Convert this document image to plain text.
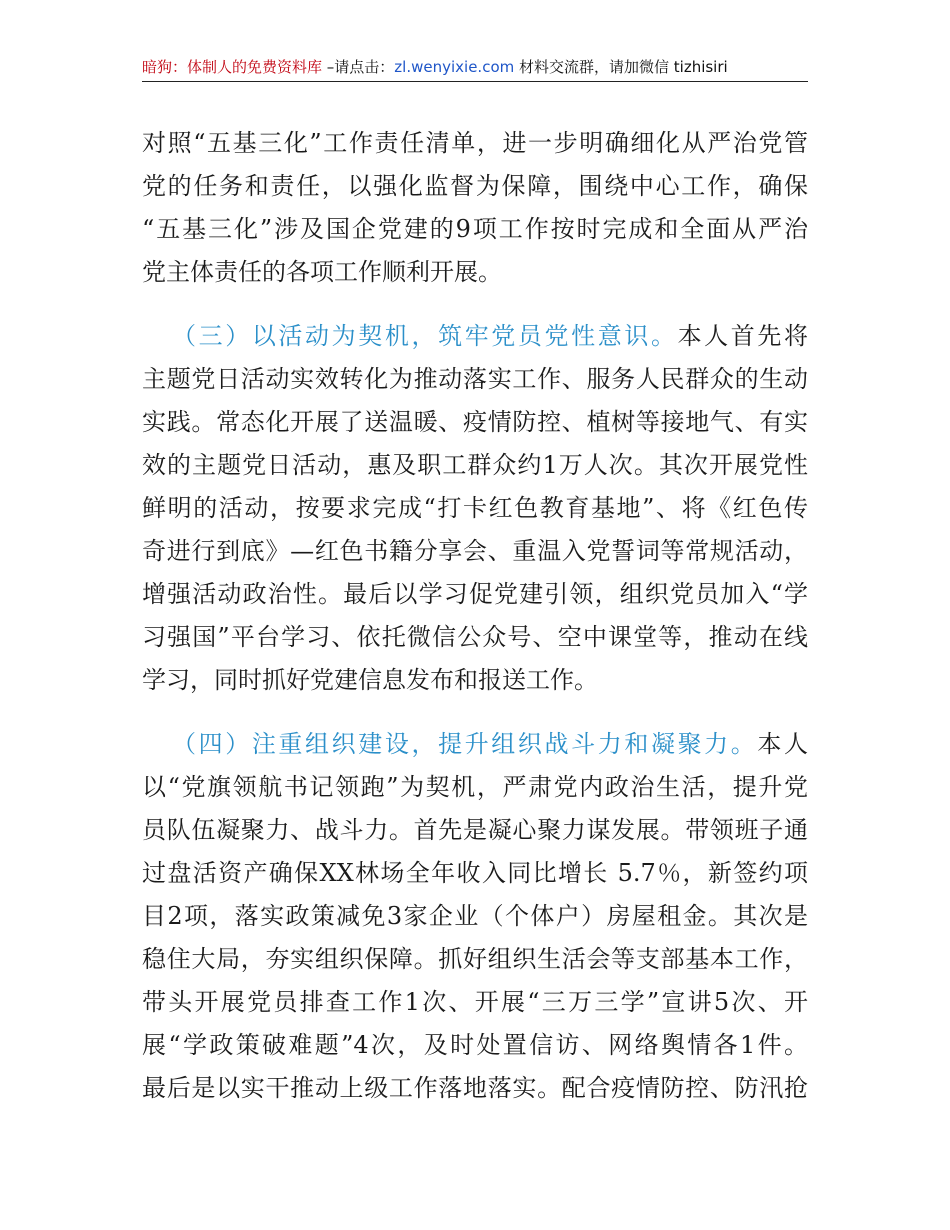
暗狗：体制人的免费资料库 –请点击：zl.wenyixie.com 材料交流群，请加微信 tizhisiri
对照“五基三化”工作责任清单，进一步明确细化从严治党管
党的任务和责任，以强化监督为保障，围绕中心工作，确保
“五基三化”涉及国企党建的9项工作按时完成和全面从严治
党主体责任的各项工作顺利开展。
（三）以活动为契机，筑牢党员党性意识。本人首先将
主题党日活动实效转化为推动落实工作、服务人民群众的生动
实践。常态化开展了送温暖、疫情防控、植树等接地气、有实
效的主题党日活动，惠及职工群众约1万人次。其次开展党性
鲜明的活动，按要求完成“打卡红色教育基地”、将《红色传
奇进行到底》—红色书籍分享会、重温入党誓词等常规活动，
增强活动政治性。最后以学习促党建引领，组织党员加入“学
习强国”平台学习、依托微信公众号、空中课堂等，推动在线
学习，同时抓好党建信息发布和报送工作。
（四）注重组织建设，提升组织战斗力和凝聚力。本人
以“党旗领航书记领跑”为契机，严肃党内政治生活，提升党
员队伍凝聚力、战斗力。首先是凝心聚力谋发展。带领班子通
过盘活资产确保XX林场全年收入同比增长 5.7％，新签约项
目2项，落实政策减免3家企业（个体户）房屋租金。其次是
稳住大局，夯实组织保障。抓好组织生活会等支部基本工作，
带头开展党员排查工作1次、开展“三万三学”宣讲5次、开
展“学政策破难题”4次，及时处置信访、网络舆情各1件。
最后是以实干推动上级工作落地落实。配合疫情防控、防汛抢
